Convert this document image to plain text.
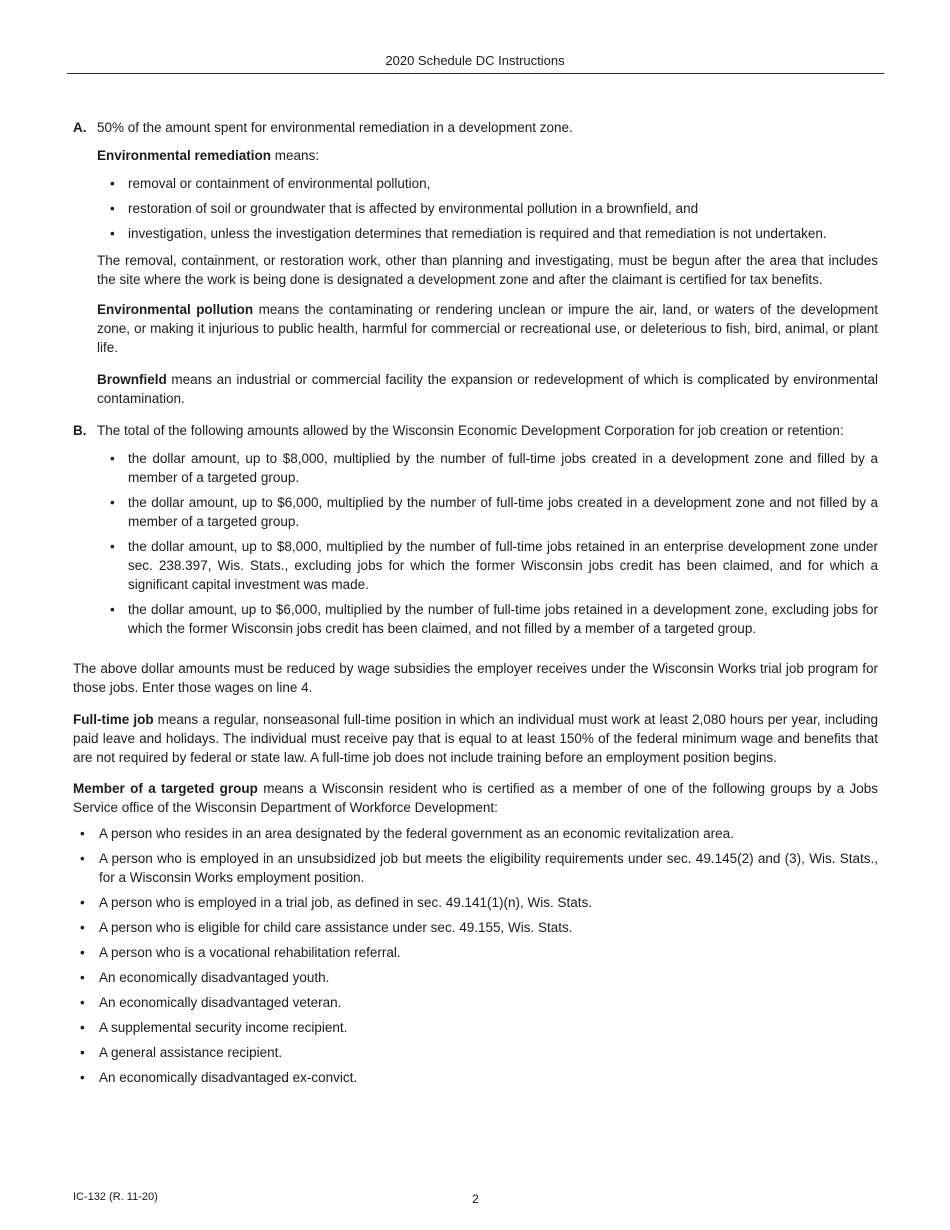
2020 Schedule DC Instructions
A. 50% of the amount spent for environmental remediation in a development zone.

Environmental remediation means:

• removal or containment of environmental pollution,
• restoration of soil or groundwater that is affected by environmental pollution in a brownfield, and
• investigation, unless the investigation determines that remediation is required and that remediation is not undertaken.

The removal, containment, or restoration work, other than planning and investigating, must be begun after the area that includes the site where the work is being done is designated a development zone and after the claimant is certified for tax benefits.

Environmental pollution means the contaminating or rendering unclean or impure the air, land, or waters of the development zone, or making it injurious to public health, harmful for commercial or recreational use, or deleterious to fish, bird, animal, or plant life.

Brownfield means an industrial or commercial facility the expansion or redevelopment of which is complicated by environmental contamination.

B. The total of the following amounts allowed by the Wisconsin Economic Development Corporation for job creation or retention:

• the dollar amount, up to $8,000, multiplied by the number of full-time jobs created in a development zone and filled by a member of a targeted group.
• the dollar amount, up to $6,000, multiplied by the number of full-time jobs created in a development zone and not filled by a member of a targeted group.
• the dollar amount, up to $8,000, multiplied by the number of full-time jobs retained in an enterprise development zone under sec. 238.397, Wis. Stats., excluding jobs for which the former Wisconsin jobs credit has been claimed, and for which a significant capital investment was made.
• the dollar amount, up to $6,000, multiplied by the number of full-time jobs retained in a development zone, excluding jobs for which the former Wisconsin jobs credit has been claimed, and not filled by a member of a targeted group.

The above dollar amounts must be reduced by wage subsidies the employer receives under the Wisconsin Works trial job program for those jobs. Enter those wages on line 4.

Full-time job means a regular, nonseasonal full-time position in which an individual must work at least 2,080 hours per year, including paid leave and holidays. The individual must receive pay that is equal to at least 150% of the federal minimum wage and benefits that are not required by federal or state law. A full-time job does not include training before an employment position begins.

Member of a targeted group means a Wisconsin resident who is certified as a member of one of the following groups by a Jobs Service office of the Wisconsin Department of Workforce Development:

• A person who resides in an area designated by the federal government as an economic revitalization area.
• A person who is employed in an unsubsidized job but meets the eligibility requirements under sec. 49.145(2) and (3), Wis. Stats., for a Wisconsin Works employment position.
• A person who is employed in a trial job, as defined in sec. 49.141(1)(n), Wis. Stats.
• A person who is eligible for child care assistance under sec. 49.155, Wis. Stats.
• A person who is a vocational rehabilitation referral.
• An economically disadvantaged youth.
• An economically disadvantaged veteran.
• A supplemental security income recipient.
• A general assistance recipient.
• An economically disadvantaged ex-convict.
IC-132 (R. 11-20)	2
